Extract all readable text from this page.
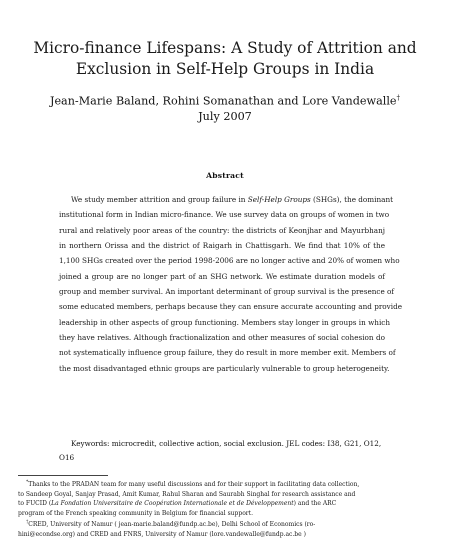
Micro-finance Lifespans: A Study of Attrition and
Exclusion in Self-Help Groups in India
Jean-Marie Baland, Rohini Somanathan and Lore Vandewalle†
July 2007
Abstract
We study member attrition and group failure in Self-Help Groups (SHGs), the dominant
institutional form in Indian micro-finance. We use survey data on groups of women in two
rural and relatively poor areas of the country: the districts of Keonjhar and Mayurbhanj
in northern Orissa and the district of Raigarh in Chattisgarh. We find that 10% of the
1,100 SHGs created over the period 1998-2006 are no longer active and 20% of women who
joined a group are no longer part of an SHG network. We estimate duration models of
group and member survival. An important determinant of group survival is the presence of
some educated members, perhaps because they can ensure accurate accounting and provide
leadership in other aspects of group functioning. Members stay longer in groups in which
they have relatives. Although fractionalization and other measures of social cohesion do
not systematically influence group failure, they do result in more member exit. Members of
the most disadvantaged ethnic groups are particularly vulnerable to group heterogeneity.
Keywords: microcredit, collective action, social exclusion. JEL codes: I38, G21, O12,
O16
*Thanks to the PRADAN team for many useful discussions and for their support in facilitating data collection,
to Sandeep Goyal, Sanjay Prasad, Amit Kumar, Rahul Sharan and Saurabh Singhal for research assistance and
to FUCID (La Fondation Universitaire de Coopération Internationale et de Développement) and the ARC
program of the French speaking community in Belgium for financial support.
†CRED, University of Namur ( jean-marie.baland@fundp.ac.be), Delhi School of Economics (ro-
hini@econdse.org) and CRED and FNRS, University of Namur (lore.vandewalle@fundp.ac.be )
